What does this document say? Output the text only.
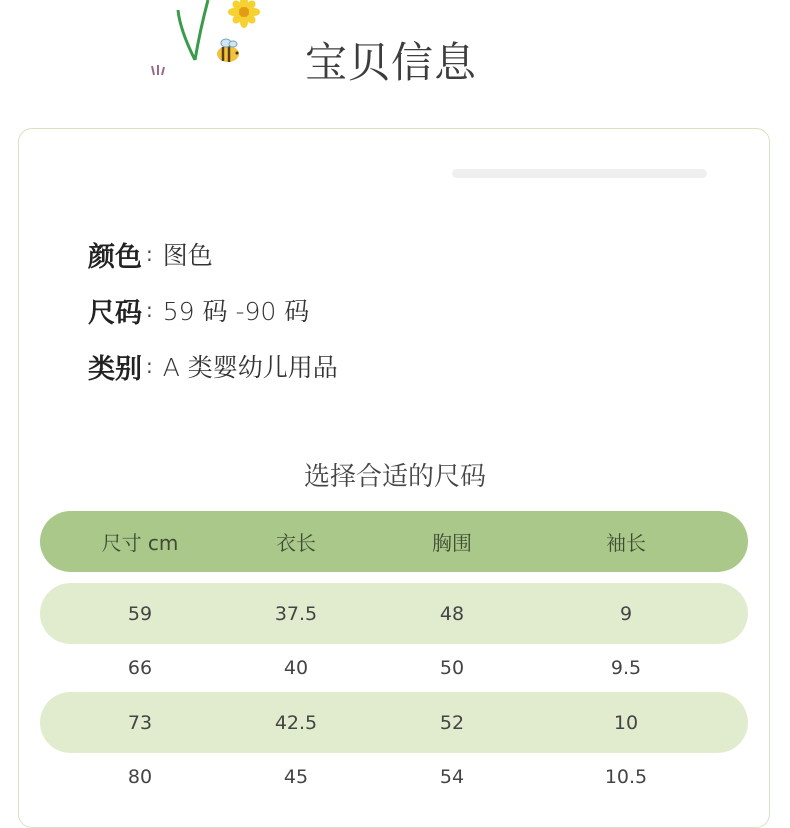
宝贝信息
颜色 : 图色
尺码 : 59 码 -90 码
类别 : A 类婴幼儿用品
选择合适的尺码
尺寸 cm	衣长	胸围	袖长
59	37.5	48	9
66	40	50	9.5
73	42.5	52	10
80	45	54	10.5
